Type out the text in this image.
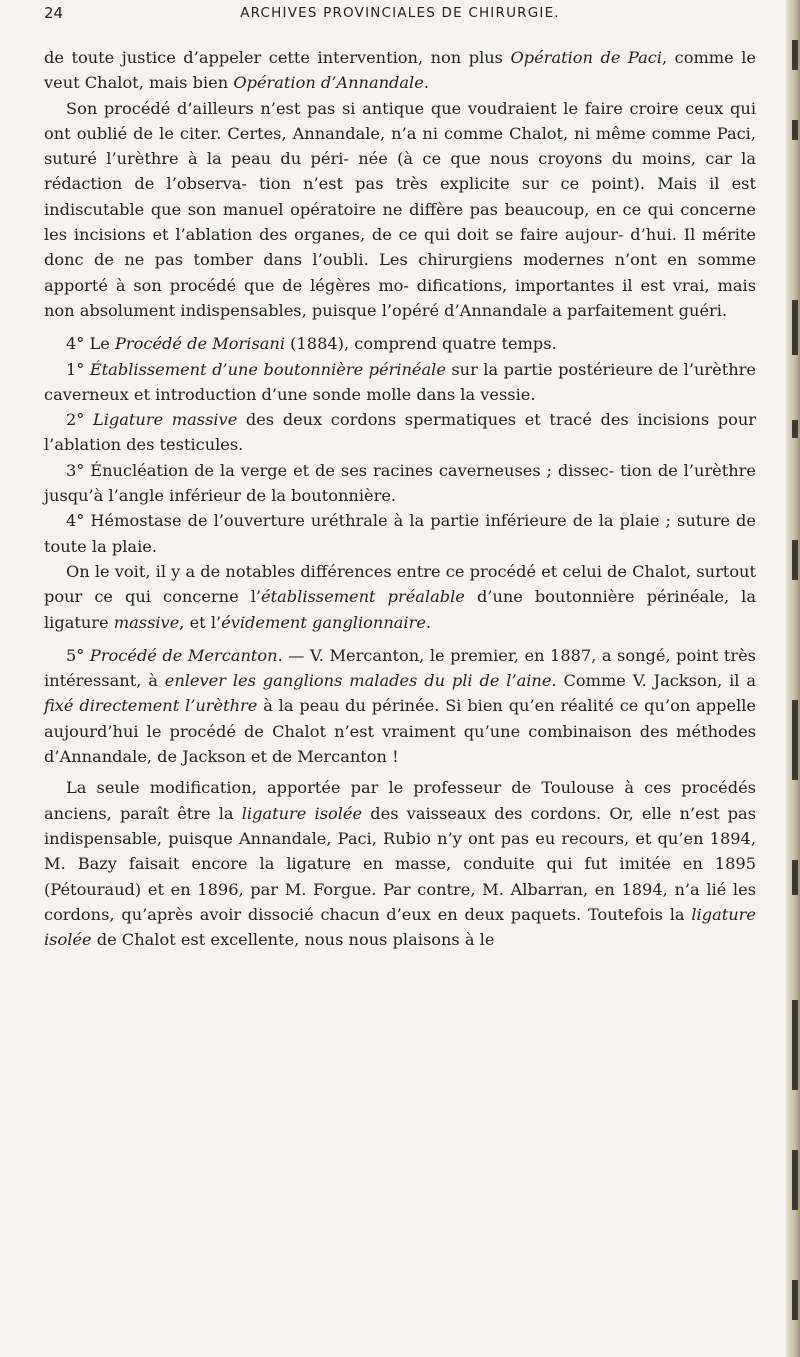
24	ARCHIVES PROVINCIALES DE CHIRURGIE.

de toute justice d’appeler cette intervention, non plus Opération de Paci, comme le veut Chalot, mais bien Opération d’Annandale.

Son procédé d’ailleurs n’est pas si antique que voudraient le faire croire ceux qui ont oublié de le citer. Certes, Annandale, n’a ni comme Chalot, ni même comme Paci, suturé l’urèthre à la peau du péri- née (à ce que nous croyons du moins, car la rédaction de l’observa- tion n’est pas très explicite sur ce point). Mais il est indiscutable que son manuel opératoire ne diffère pas beaucoup, en ce qui concerne les incisions et l’ablation des organes, de ce qui doit se faire aujour- d’hui. Il mérite donc de ne pas tomber dans l’oubli. Les chirurgiens modernes n’ont en somme apporté à son procédé que de légères mo- difications, importantes il est vrai, mais non absolument indispensables, puisque l’opéré d’Annandale a parfaitement guéri.

4° Le Procédé de Morisani (1884), comprend quatre temps.

1° Établissement d’une boutonnière périnéale sur la partie postérieure de l’urèthre caverneux et introduction d’une sonde molle dans la vessie.

2° Ligature massive des deux cordons spermatiques et tracé des incisions pour l’ablation des testicules.

3° Énucléation de la verge et de ses racines caverneuses ; dissec- tion de l’urèthre jusqu’à l’angle inférieur de la boutonnière.

4° Hémostase de l’ouverture uréthrale à la partie inférieure de la plaie ; suture de toute la plaie.

On le voit, il y a de notables différences entre ce procédé et celui de Chalot, surtout pour ce qui concerne l’établissement préalable d’une boutonnière périnéale, la ligature massive, et l’évidement ganglionnaire.

5° Procédé de Mercanton. — V. Mercanton, le premier, en 1887, a songé, point très intéressant, à enlever les ganglions malades du pli de l’aine. Comme V. Jackson, il a fixé directement l’urèthre à la peau du périnée. Si bien qu’en réalité ce qu’on appelle aujourd’hui le procédé de Chalot n’est vraiment qu’une combinaison des méthodes d’Annandale, de Jackson et de Mercanton !

La seule modification, apportée par le professeur de Toulouse à ces procédés anciens, paraît être la ligature isolée des vaisseaux des cordons. Or, elle n’est pas indispensable, puisque Annandale, Paci, Rubio n’y ont pas eu recours, et qu’en 1894, M. Bazy faisait encore la ligature en masse, conduite qui fut imitée en 1895 (Pétouraud) et en 1896, par M. Forgue. Par contre, M. Albarran, en 1894, n’a lié les cordons, qu’après avoir dissocié chacun d’eux en deux paquets. Toutefois la ligature isolée de Chalot est excellente, nous nous plaisons à le
